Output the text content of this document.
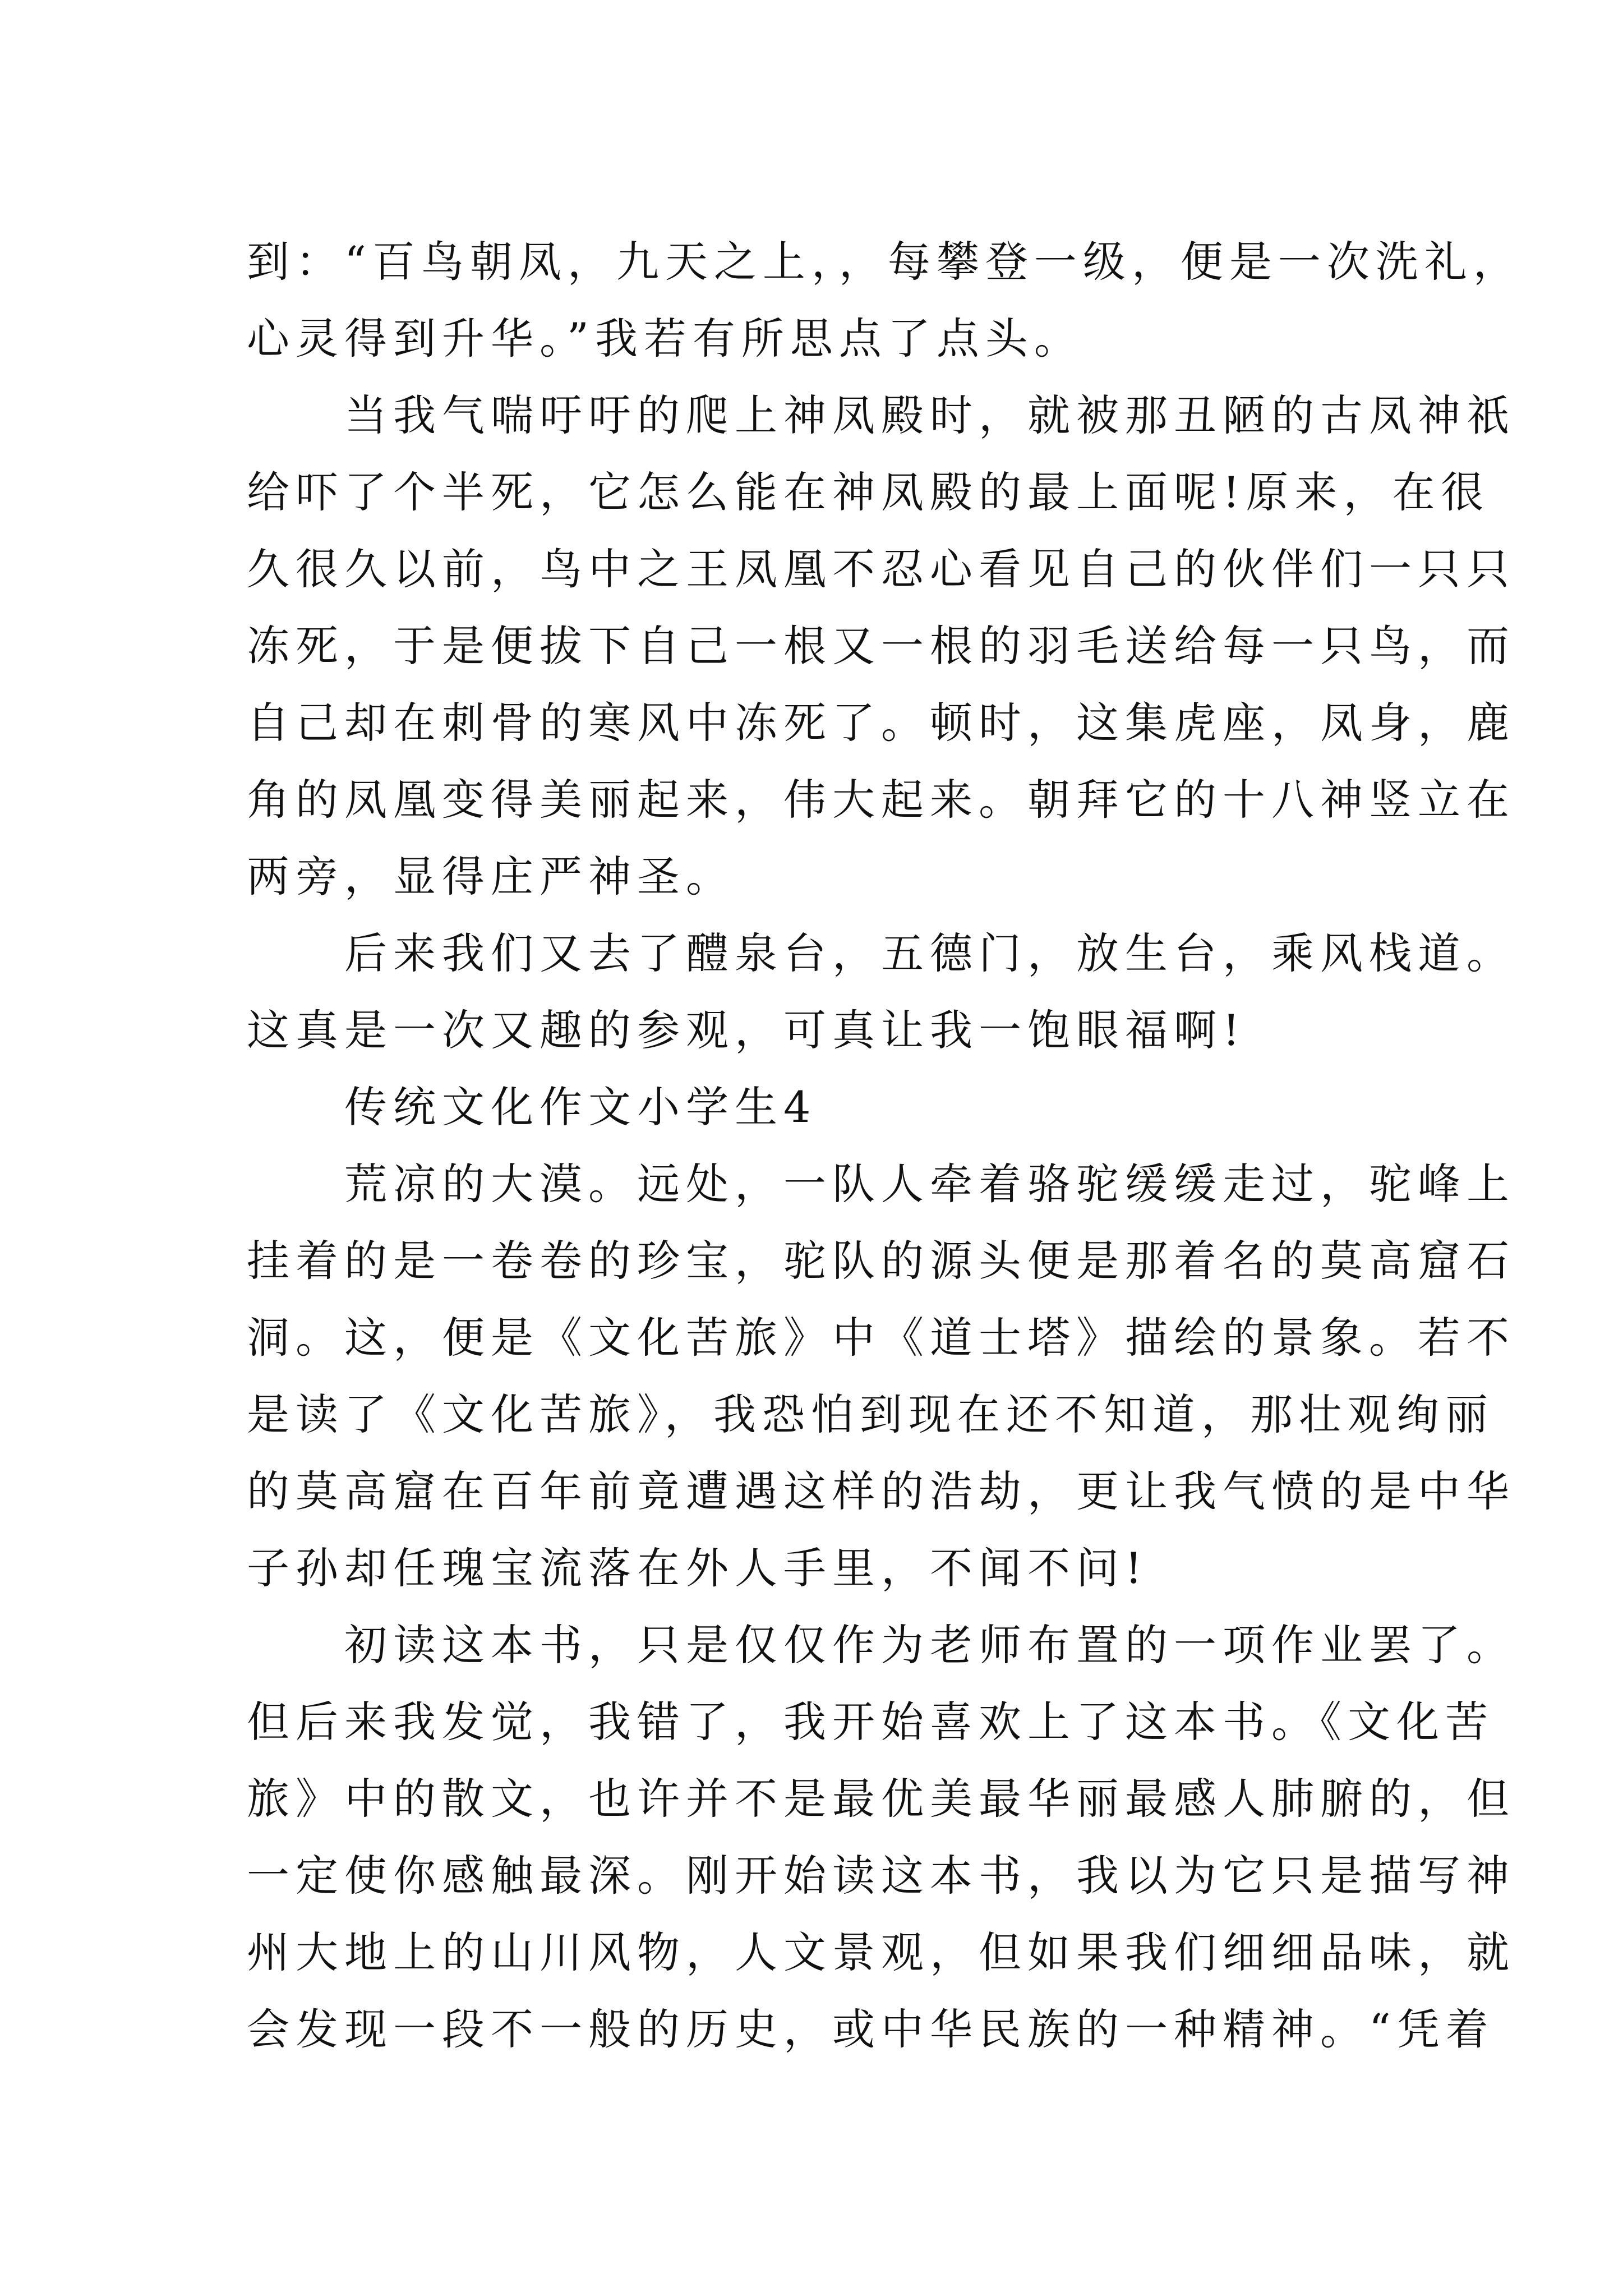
到：“百鸟朝凤，九天之上，，每攀登一级，便是一次洗礼，
心灵得到升华。”我若有所思点了点头。
　　当我气喘吁吁的爬上神凤殿时，就被那丑陋的古凤神祇
给吓了个半死，它怎么能在神凤殿的最上面呢!原来，在很
久很久以前，鸟中之王凤凰不忍心看见自己的伙伴们一只只
冻死，于是便拔下自己一根又一根的羽毛送给每一只鸟，而
自己却在刺骨的寒风中冻死了。顿时，这集虎座，凤身，鹿
角的凤凰变得美丽起来，伟大起来。朝拜它的十八神竖立在
两旁，显得庄严神圣。
　　后来我们又去了醴泉台，五德门，放生台，乘风栈道。
这真是一次又趣的参观，可真让我一饱眼福啊!
　　传统文化作文小学生4
　　荒凉的大漠。远处，一队人牵着骆驼缓缓走过，驼峰上
挂着的是一卷卷的珍宝，驼队的源头便是那着名的莫高窟石
洞。这，便是《文化苦旅》中《道士塔》描绘的景象。若不
是读了《文化苦旅》，我恐怕到现在还不知道，那壮观绚丽
的莫高窟在百年前竟遭遇这样的浩劫，更让我气愤的是中华
子孙却任瑰宝流落在外人手里，不闻不问!
　　初读这本书，只是仅仅作为老师布置的一项作业罢了。
但后来我发觉，我错了，我开始喜欢上了这本书。《文化苦
旅》中的散文，也许并不是最优美最华丽最感人肺腑的，但
一定使你感触最深。刚开始读这本书，我以为它只是描写神
州大地上的山川风物，人文景观，但如果我们细细品味，就
会发现一段不一般的历史，或中华民族的一种精神。“凭着
